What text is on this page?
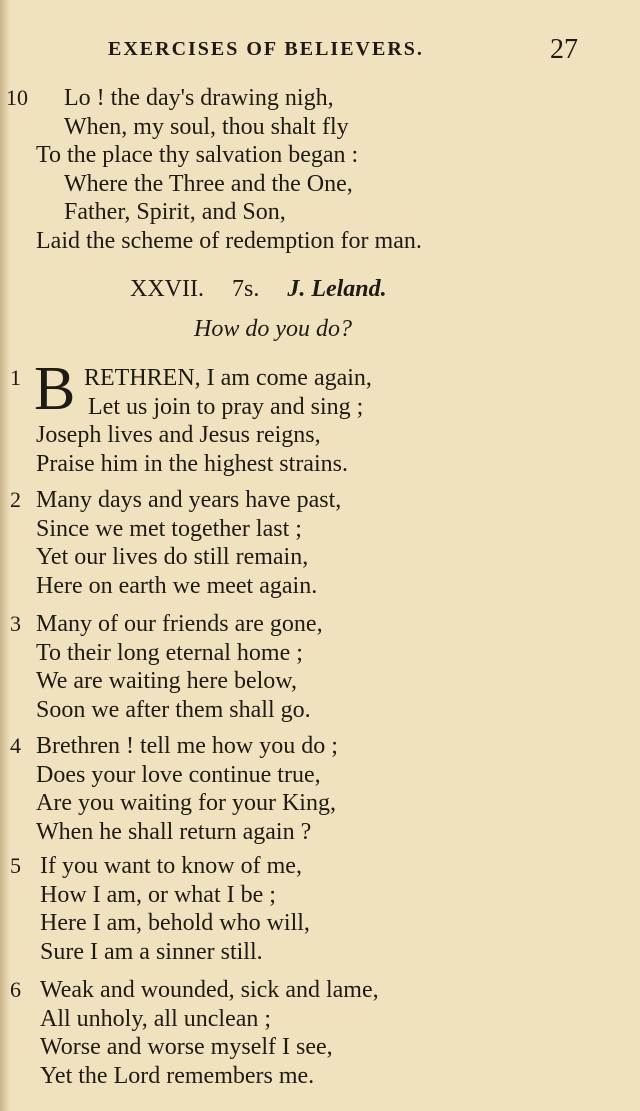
EXERCISES OF BELIEVERS.	27
10 Lo ! the day's drawing nigh,
When, my soul, thou shalt fly
To the place thy salvation began :
Where the Three and the One,
Father, Spirit, and Son,
Laid the scheme of redemption for man.
XXVII. 7s. J. Leland.
How do you do?
B
1	RETHREN, I am come again,
Let us join to pray and sing ;
Joseph lives and Jesus reigns,
Praise him in the highest strains.
2 Many days and years have past,
Since we met together last ;
Yet our lives do still remain,
Here on earth we meet again.
3 Many of our friends are gone,
To their long eternal home ;
We are waiting here below,
Soon we after them shall go.
4 Brethren ! tell me how you do ;
Does your love continue true,
Are you waiting for your King,
When he shall return again ?
5 If you want to know of me,
How I am, or what I be ;
Here I am, behold who will,
Sure I am a sinner still.
6 Weak and wounded, sick and lame,
All unholy, all unclean ;
Worse and worse myself I see,
Yet the Lord remembers me.
